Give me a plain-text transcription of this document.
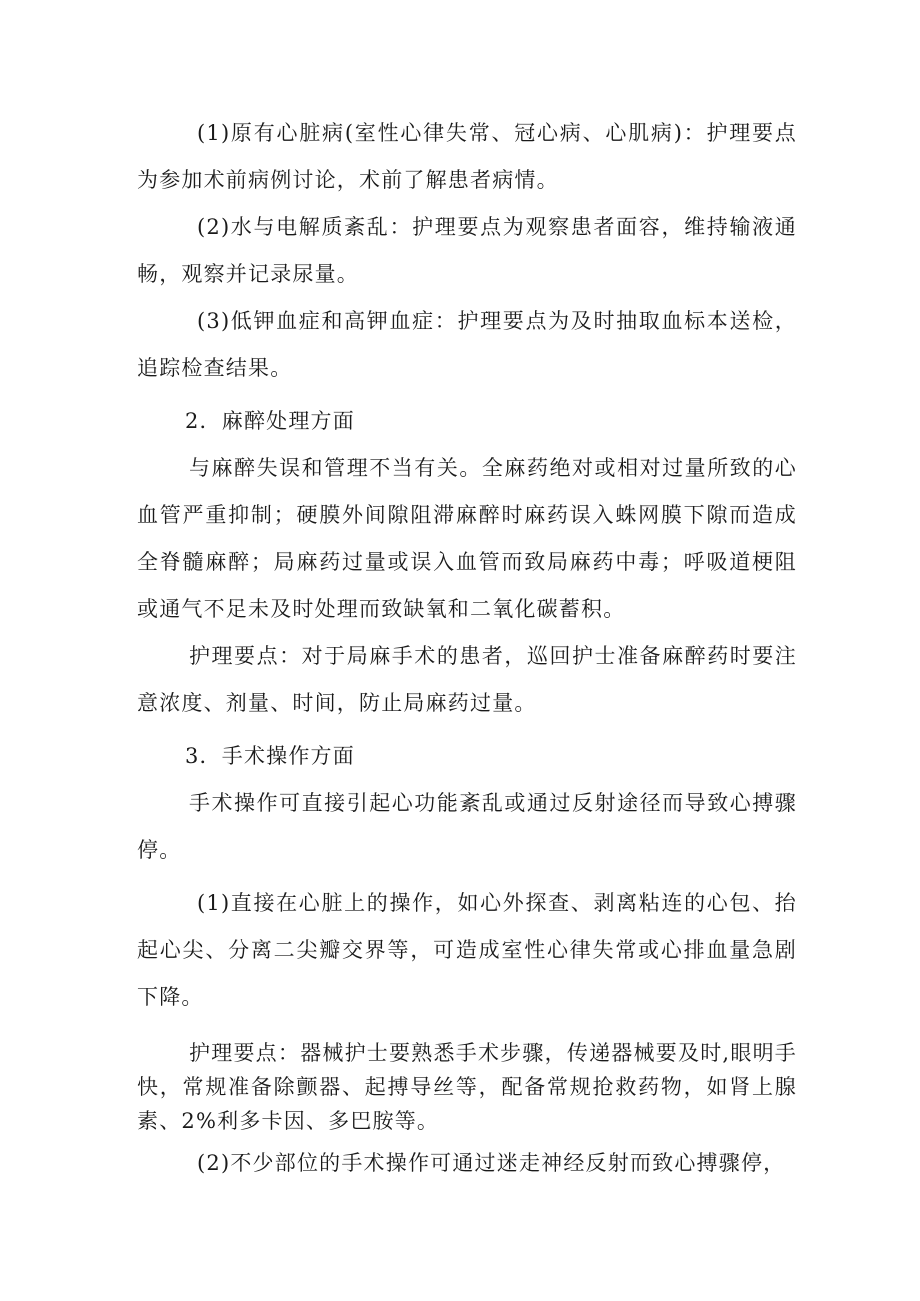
(1)原有心脏病(室性心律失常、冠心病、心肌病)：护理要点为参加术前病例讨论，术前了解患者病情。

(2)水与电解质紊乱：护理要点为观察患者面容，维持输液通畅，观察并记录尿量。

(3)低钾血症和高钾血症：护理要点为及时抽取血标本送检，追踪检查结果。

2．麻醉处理方面

与麻醉失误和管理不当有关。全麻药绝对或相对过量所致的心血管严重抑制；硬膜外间隙阻滞麻醉时麻药误入蛛网膜下隙而造成全脊髓麻醉；局麻药过量或误入血管而致局麻药中毒；呼吸道梗阻或通气不足未及时处理而致缺氧和二氧化碳蓄积。

护理要点：对于局麻手术的患者，巡回护士准备麻醉药时要注意浓度、剂量、时间，防止局麻药过量。

3．手术操作方面

手术操作可直接引起心功能紊乱或通过反射途径而导致心搏骤停。

(1)直接在心脏上的操作，如心外探查、剥离粘连的心包、抬起心尖、分离二尖瓣交界等，可造成室性心律失常或心排血量急剧下降。

护理要点：器械护士要熟悉手术步骤，传递器械要及时,眼明手快，常规准备除颤器、起搏导丝等，配备常规抢救药物，如肾上腺素、2%利多卡因、多巴胺等。

(2)不少部位的手术操作可通过迷走神经反射而致心搏骤停，
